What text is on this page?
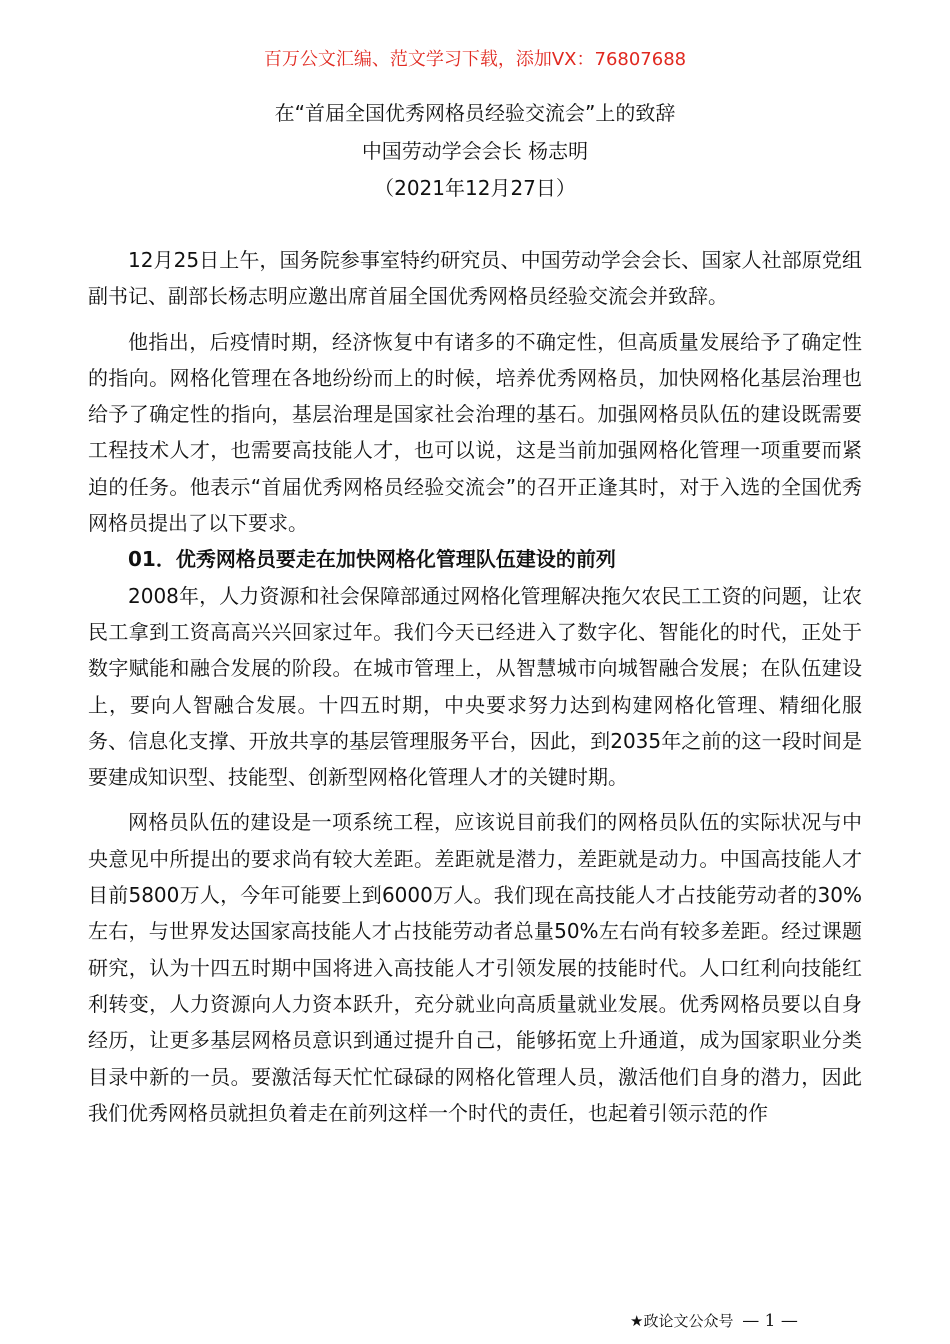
百万公文汇编、范文学习下载，添加VX：76807688
在“首届全国优秀网格员经验交流会”上的致辞
中国劳动学会会长 杨志明
（2021年12月27日）

12月25日上午，国务院参事室特约研究员、中国劳动学会会长、国家人社部原党组副书记、副部长杨志明应邀出席首届全国优秀网格员经验交流会并致辞。

他指出，后疫情时期，经济恢复中有诸多的不确定性，但高质量发展给予了确定性的指向。网格化管理在各地纷纷而上的时候，培养优秀网格员，加快网格化基层治理也给予了确定性的指向，基层治理是国家社会治理的基石。加强网格员队伍的建设既需要工程技术人才，也需要高技能人才，也可以说，这是当前加强网格化管理一项重要而紧迫的任务。他表示“首届优秀网格员经验交流会”的召开正逢其时，对于入选的全国优秀网格员提出了以下要求。

01．优秀网格员要走在加快网格化管理队伍建设的前列

2008年，人力资源和社会保障部通过网格化管理解决拖欠农民工工资的问题，让农民工拿到工资高高兴兴回家过年。我们今天已经进入了数字化、智能化的时代，正处于数字赋能和融合发展的阶段。在城市管理上，从智慧城市向城智融合发展；在队伍建设上，要向人智融合发展。十四五时期，中央要求努力达到构建网格化管理、精细化服务、信息化支撑、开放共享的基层管理服务平台，因此，到2035年之前的这一段时间是要建成知识型、技能型、创新型网格化管理人才的关键时期。

网格员队伍的建设是一项系统工程，应该说目前我们的网格员队伍的实际状况与中央意见中所提出的要求尚有较大差距。差距就是潜力，差距就是动力。中国高技能人才目前5800万人，今年可能要上到6000万人。我们现在高技能人才占技能劳动者的30%左右，与世界发达国家高技能人才占技能劳动者总量50%左右尚有较多差距。经过课题研究，认为十四五时期中国将进入高技能人才引领发展的技能时代。人口红利向技能红利转变，人力资源向人力资本跃升，充分就业向高质量就业发展。优秀网格员要以自身经历，让更多基层网格员意识到通过提升自己，能够拓宽上升通道，成为国家职业分类目录中新的一员。要激活每天忙忙碌碌的网格化管理人员，激活他们自身的潜力，因此我们优秀网格员就担负着走在前列这样一个时代的责任，也起着引领示范的作

★政论文公众号 — 1 —
